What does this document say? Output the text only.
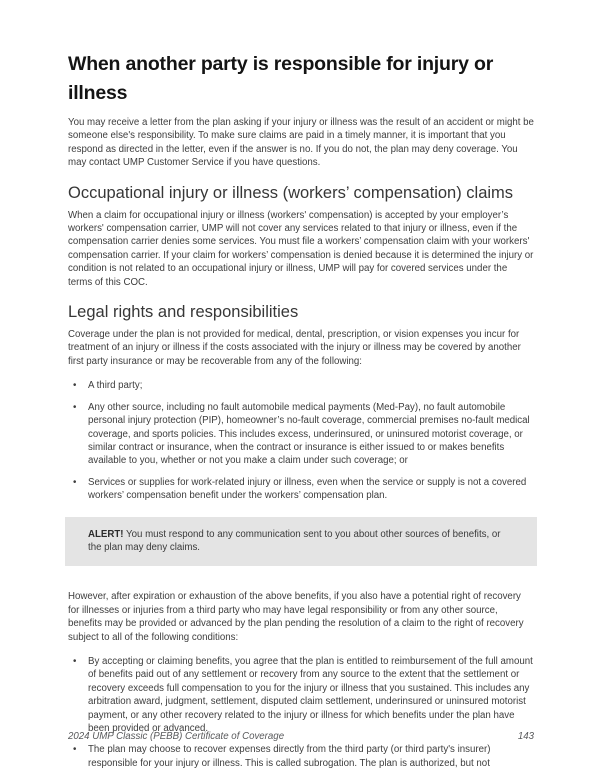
When another party is responsible for injury or illness

You may receive a letter from the plan asking if your injury or illness was the result of an accident or might be someone else's responsibility. To make sure claims are paid in a timely manner, it is important that you respond as directed in the letter, even if the answer is no. If you do not, the plan may deny coverage. You may contact UMP Customer Service if you have questions.

Occupational injury or illness (workers’ compensation) claims

When a claim for occupational injury or illness (workers' compensation) is accepted by your employer’s workers' compensation carrier, UMP will not cover any services related to that injury or illness, even if the compensation carrier denies some services. You must file a workers’ compensation claim with your workers' compensation carrier. If your claim for workers’ compensation is denied because it is determined the injury or condition is not related to an occupational injury or illness, UMP will pay for covered services under the terms of this COC.

Legal rights and responsibilities

Coverage under the plan is not provided for medical, dental, prescription, or vision expenses you incur for treatment of an injury or illness if the costs associated with the injury or illness may be covered by another first party insurance or may be recoverable from any of the following:

• A third party;
• Any other source, including no fault automobile medical payments (Med-Pay), no fault automobile personal injury protection (PIP), homeowner’s no-fault coverage, commercial premises no-fault medical coverage, and sports policies. This includes excess, underinsured, or uninsured motorist coverage, or similar contract or insurance, when the contract or insurance is either issued to or makes benefits available to you, whether or not you make a claim under such coverage; or
• Services or supplies for work-related injury or illness, even when the service or supply is not a covered workers’ compensation benefit under the workers’ compensation plan.
ALERT! You must respond to any communication sent to you about other sources of benefits, or the plan may deny claims.

However, after expiration or exhaustion of the above benefits, if you also have a potential right of recovery for illnesses or injuries from a third party who may have legal responsibility or from any other source, benefits may be provided or advanced by the plan pending the resolution of a claim to the right of recovery subject to all of the following conditions:

• By accepting or claiming benefits, you agree that the plan is entitled to reimbursement of the full amount of benefits paid out of any settlement or recovery from any source to the extent that the settlement or recovery exceeds full compensation to you for the injury or illness that you sustained. This includes any arbitration award, judgment, settlement, disputed claim settlement, underinsured or uninsured motorist payment, or any other recovery related to the injury or illness for which benefits under the plan have been provided or advanced.
• The plan may choose to recover expenses directly from the third party (or third party's insurer) responsible for your injury or illness. This is called subrogation. The plan is authorized, but not
2024 UMP Classic (PEBB) Certificate of Coverage	143
